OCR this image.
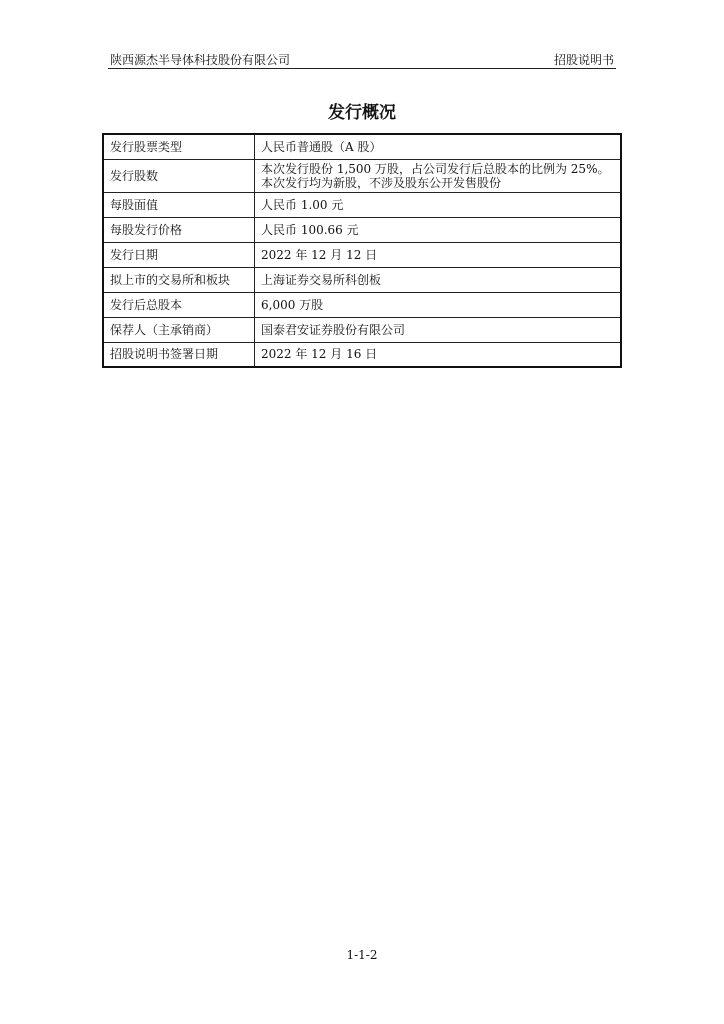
陕西源杰半导体科技股份有限公司	招股说明书
发行概况
发行股票类型	人民币普通股（A 股）
发行股数	本次发行股份 1,500 万股，占公司发行后总股本的比例为 25%。
本次发行均为新股，不涉及股东公开发售股份

每股面值	人民币 1.00 元
每股发行价格	人民币 100.66 元
发行日期	2022 年 12 月 12 日
拟上市的交易所和板块	上海证券交易所科创板
发行后总股本	6,000 万股
保荐人（主承销商）	国泰君安证券股份有限公司
招股说明书签署日期	2022 年 12 月 16 日
1-1-2
